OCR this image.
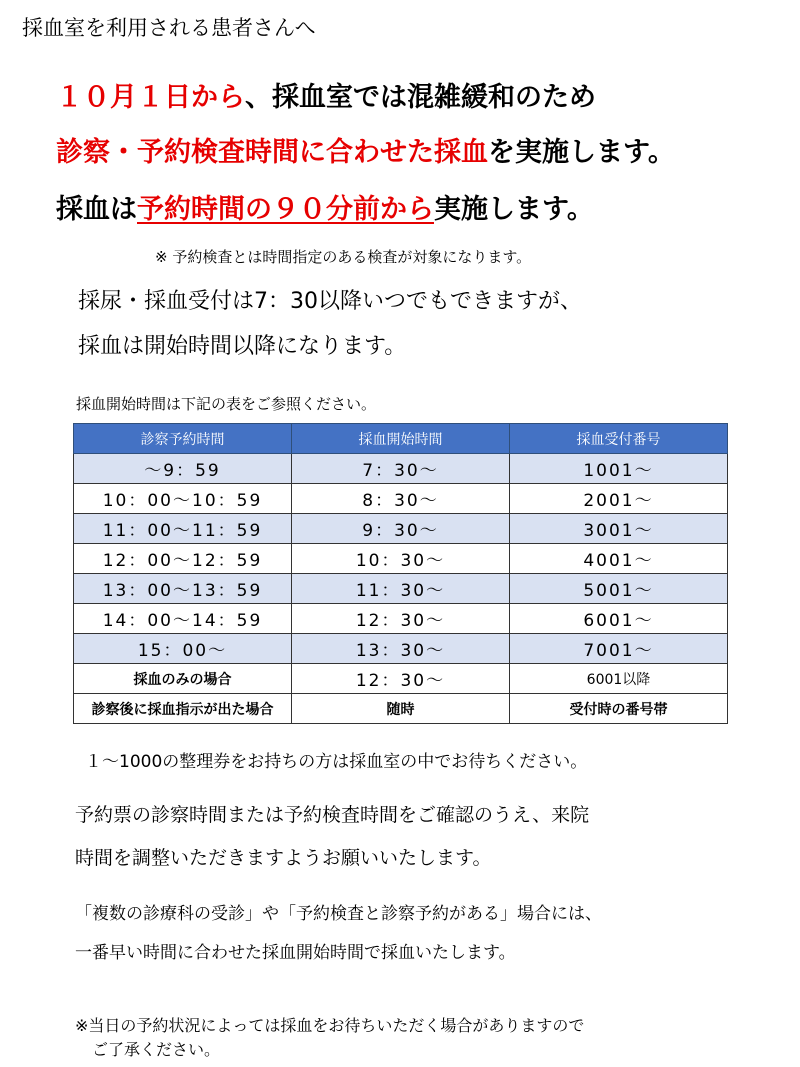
採血室を利用される患者さんへ
１０月１日から、採血室では混雑緩和のため
診察・予約検査時間に合わせた採血を実施します。
採血は予約時間の９０分前から実施します。
※ 予約検査とは時間指定のある検査が対象になります。
採尿・採血受付は7：30以降いつでもできますが、
採血は開始時間以降になります。
採血開始時間は下記の表をご参照ください。
診察予約時間	採血開始時間	採血受付番号
～9：59	7：30～	1001～
10：00～10：59	8：30～	2001～
11：00～11：59	9：30～	3001～
12：00～12：59	10：30～	4001～
13：00～13：59	11：30～	5001～
14：00～14：59	12：30～	6001～
15：00～	13：30～	7001～
採血のみの場合	12：30～	6001以降
診察後に採血指示が出た場合	随時	受付時の番号帯
１～1000の整理券をお持ちの方は採血室の中でお待ちください。
予約票の診察時間または予約検査時間をご確認のうえ、来院
時間を調整いただきますようお願いいたします。
「複数の診療科の受診」や「予約検査と診察予約がある」場合には、
一番早い時間に合わせた採血開始時間で採血いたします。
※当日の予約状況によっては採血をお待ちいただく場合がありますので
ご了承ください。
